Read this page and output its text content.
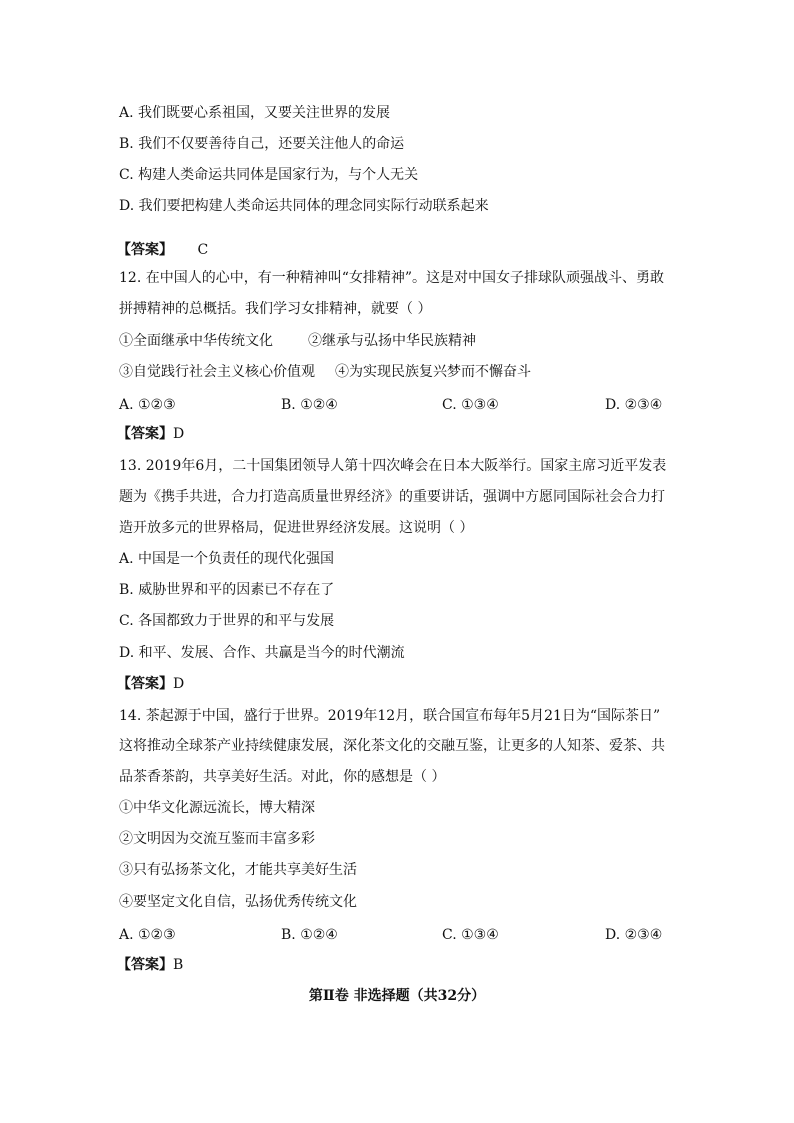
A. 我们既要心系祖国，又要关注世界的发展
B. 我们不仅要善待自己，还要关注他人的命运
C. 构建人类命运共同体是国家行为，与个人无关
D. 我们要把构建人类命运共同体的理念同实际行动联系起来
【答案】 C
12. 在中国人的心中，有一种精神叫“女排精神”。这是对中国女子排球队顽强战斗、勇敢
拼搏精神的总概括。我们学习女排精神，就要（ ）
①全面继承中华传统文化	②继承与弘扬中华民族精神
③自觉践行社会主义核心价值观 ④为实现民族复兴梦而不懈奋斗
A. ①②③	B. ①②④	C. ①③④	D. ②③④
【答案】D
13. 2019年6月，二十国集团领导人第十四次峰会在日本大阪举行。国家主席习近平发表
题为《携手共进，合力打造高质量世界经济》的重要讲话，强调中方愿同国际社会合力打
造开放多元的世界格局，促进世界经济发展。这说明（ ）
A. 中国是一个负责任的现代化强国
B. 威胁世界和平的因素已不存在了
C. 各国都致力于世界的和平与发展
D. 和平、发展、合作、共赢是当今的时代潮流
【答案】D
14. 茶起源于中国，盛行于世界。2019年12月，联合国宣布每年5月21日为“国际茶日”
这将推动全球茶产业持续健康发展，深化茶文化的交融互鉴，让更多的人知茶、爱茶、共
品茶香茶韵，共享美好生活。对此，你的感想是（ ）
①中华文化源远流长，博大精深
②文明因为交流互鉴而丰富多彩
③只有弘扬茶文化，才能共享美好生活
④要坚定文化自信，弘扬优秀传统文化
A. ①②③	B. ①②④	C. ①③④	D. ②③④
【答案】B
第Ⅱ卷 非选择题（共32分）
